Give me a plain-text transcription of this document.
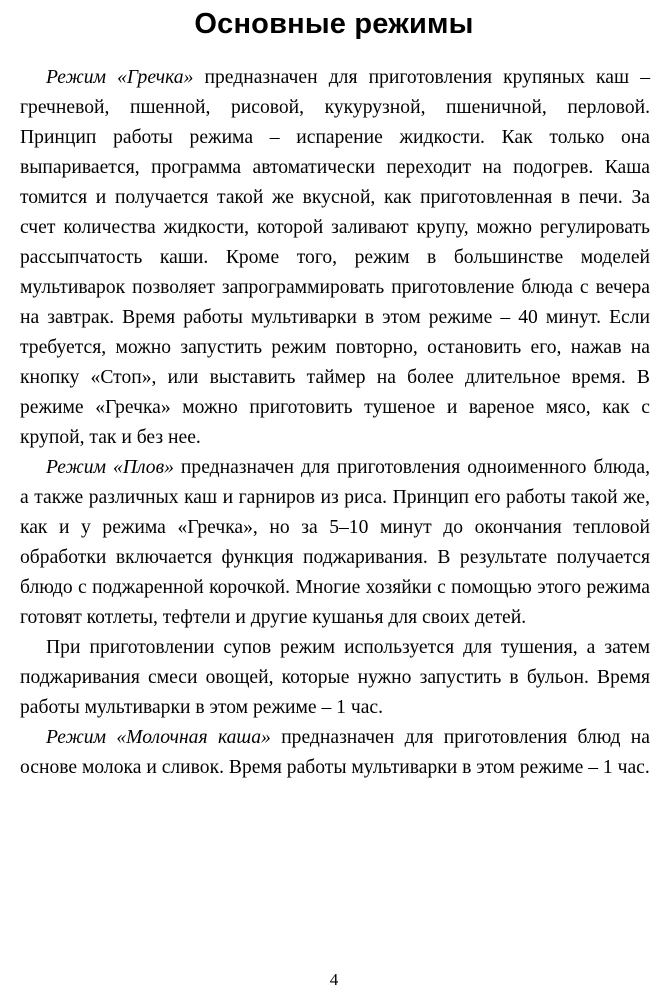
Основные режимы

Режим «Гречка» предназначен для приготовления крупяных каш – гречневой, пшенной, рисовой, кукурузной, пшеничной, перловой. Принцип работы режима – испарение жидкости. Как только она выпаривается, программа автоматически переходит на подогрев. Каша томится и получается такой же вкусной, как приготовленная в печи. За счет количества жидкости, которой заливают крупу, можно регулировать рассыпчатость каши. Кроме того, режим в большинстве моделей мультиварок позволяет запрограммировать приготовление блюда с вечера на завтрак. Время работы мультиварки в этом режиме – 40 минут. Если требуется, можно запустить режим повторно, остановить его, нажав на кнопку «Стоп», или выставить таймер на более длительное время. В режиме «Гречка» можно приготовить тушеное и вареное мясо, как с крупой, так и без нее.

Режим «Плов» предназначен для приготовления одноименного блюда, а также различных каш и гарниров из риса. Принцип его работы такой же, как и у режима «Гречка», но за 5–10 минут до окончания тепловой обработки включается функция поджаривания. В результате получается блюдо с поджаренной корочкой. Многие хозяйки с помощью этого режима готовят котлеты, тефтели и другие кушанья для своих детей.

При приготовлении супов режим используется для тушения, а затем поджаривания смеси овощей, которые нужно запустить в бульон. Время работы мультиварки в этом режиме – 1 час.

Режим «Молочная каша» предназначен для приготовления блюд на основе молока и сливок. Время работы мультиварки в этом режиме – 1 час.

4
